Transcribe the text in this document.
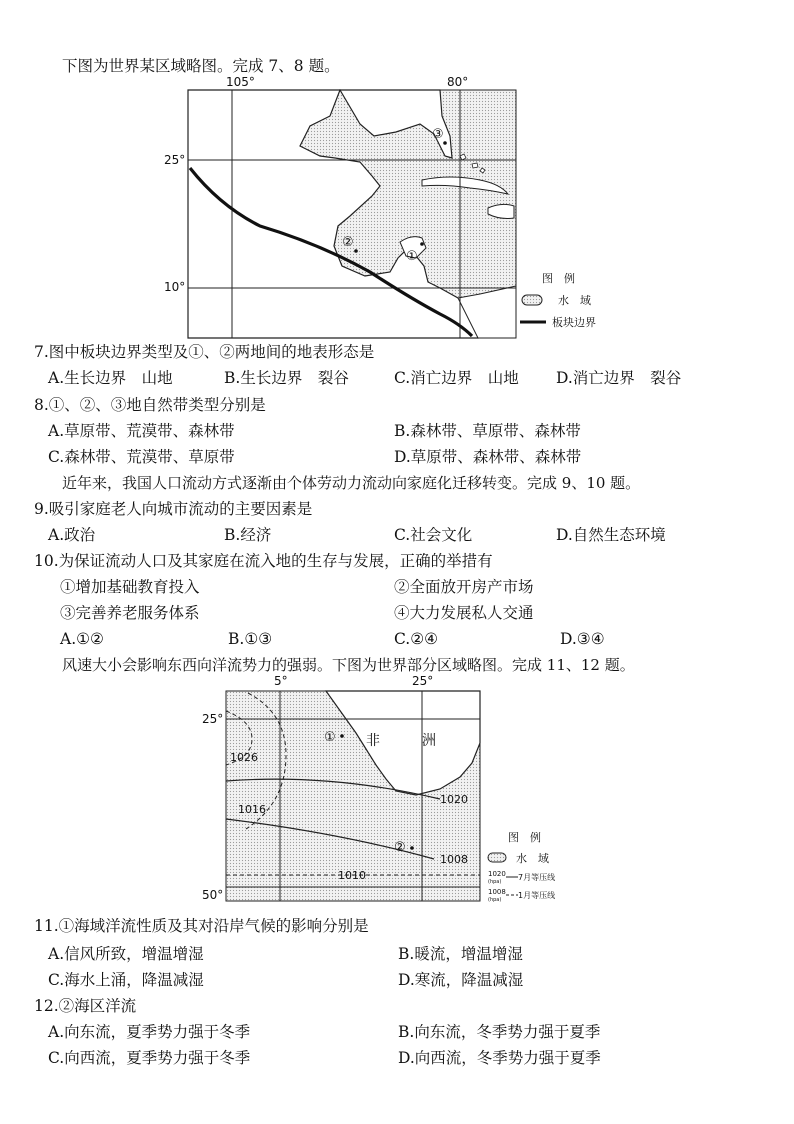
下图为世界某区域略图。完成 7、8 题。
105°	80°
25°
10°
③
②
①
图　例
水　域
板块边界
7.图中板块边界类型及①、②两地间的地表形态是
A.生长边界　山地	B.生长边界　裂谷	C.消亡边界　山地 D.消亡边界　裂谷
8.①、②、③地自然带类型分别是
A.草原带、荒漠带、森林带	B.森林带、草原带、森林带
C.森林带、荒漠带、草原带	D.草原带、森林带、森林带
近年来，我国人口流动方式逐渐由个体劳动力流动向家庭化迁移转变。完成 9、10 题。
9.吸引家庭老人向城市流动的主要因素是
A.政治	B.经济	C.社会文化	D.自然生态环境
10.为保证流动人口及其家庭在流入地的生存与发展，正确的举措有
①增加基础教育投入	②全面放开房产市场
③完善养老服务体系	④大力发展私人交通
A.①②	B.①③	C.②④	D.③④
风速大小会影响东西向洋流势力的强弱。下图为世界部分区域略图。完成 11、12 题。
5°	25°
25°
50°
1026
1016
1020
1008
1010
非	洲
①
②
图　例
水　域
1020
(hpa) 7月等压线
1008
(hpa) 1月等压线
11.①海域洋流性质及其对沿岸气候的影响分别是
A.信风所致，增温增湿	B.暖流，增温增湿
C.海水上涌，降温减湿	D.寒流，降温减湿
12.②海区洋流
A.向东流，夏季势力强于冬季	B.向东流，冬季势力强于夏季
C.向西流，夏季势力强于冬季	D.向西流，冬季势力强于夏季
